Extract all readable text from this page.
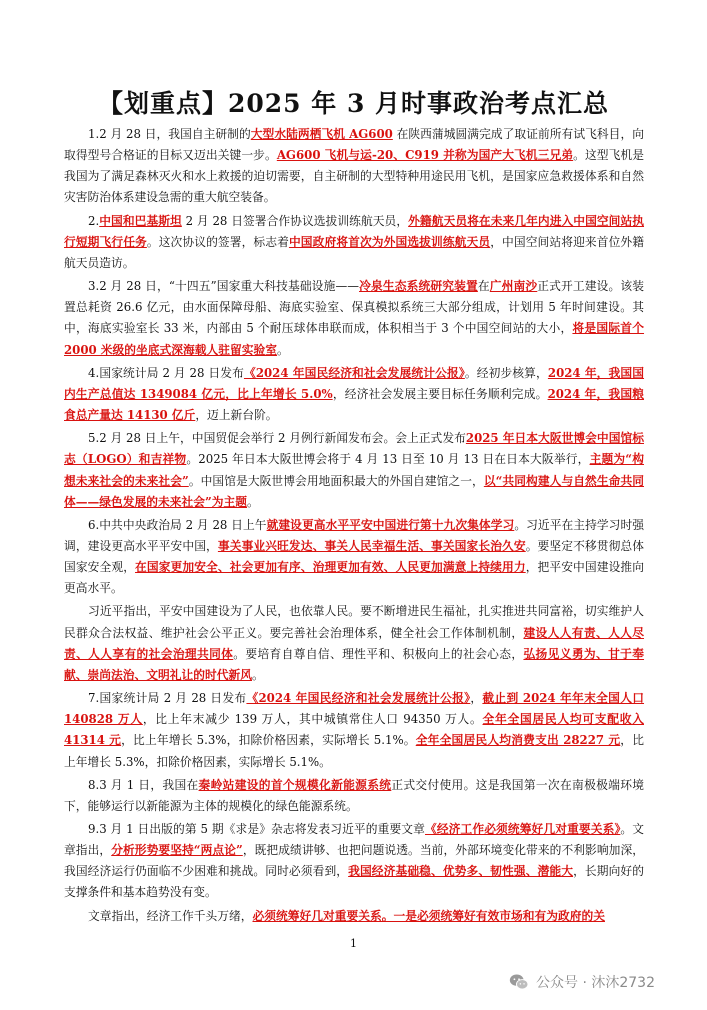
【划重点】2025 年 3 月时事政治考点汇总

1.2 月 28 日，我国自主研制的大型水陆两栖飞机 AG600 在陕西蒲城圆满完成了取证前所有试飞科目，向取得型号合格证的目标又迈出关键一步。AG600 飞机与运-20、C919 并称为国产大飞机三兄弟。这型飞机是我国为了满足森林灭火和水上救援的迫切需要，自主研制的大型特种用途民用飞机，是国家应急救援体系和自然灾害防治体系建设急需的重大航空装备。

2.中国和巴基斯坦 2 月 28 日签署合作协议选拔训练航天员，外籍航天员将在未来几年内进入中国空间站执行短期飞行任务。这次协议的签署，标志着中国政府将首次为外国选拔训练航天员，中国空间站将迎来首位外籍航天员造访。

3.2 月 28 日，“十四五”国家重大科技基础设施——冷泉生态系统研究装置在广州南沙正式开工建设。该装置总耗资 26.6 亿元，由水面保障母船、海底实验室、保真模拟系统三大部分组成，计划用 5 年时间建设。其中，海底实验室长 33 米，内部由 5 个耐压球体串联而成，体积相当于 3 个中国空间站的大小，将是国际首个 2000 米级的坐底式深海载人驻留实验室。

4.国家统计局 2 月 28 日发布《2024 年国民经济和社会发展统计公报》。经初步核算，2024 年，我国国内生产总值达 1349084 亿元，比上年增长 5.0%，经济社会发展主要目标任务顺利完成。2024 年，我国粮食总产量达 14130 亿斤，迈上新台阶。

5.2 月 28 日上午，中国贸促会举行 2 月例行新闻发布会。会上正式发布2025 年日本大阪世博会中国馆标志（LOGO）和吉祥物。2025 年日本大阪世博会将于 4 月 13 日至 10 月 13 日在日本大阪举行，主题为“构想未来社会的未来社会”。中国馆是大阪世博会用地面积最大的外国自建馆之一，以“共同构建人与自然生命共同体——绿色发展的未来社会”为主题。

6.中共中央政治局 2 月 28 日上午就建设更高水平平安中国进行第十九次集体学习。习近平在主持学习时强调，建设更高水平平安中国，事关事业兴旺发达、事关人民幸福生活、事关国家长治久安。要坚定不移贯彻总体国家安全观，在国家更加安全、社会更加有序、治理更加有效、人民更加满意上持续用力，把平安中国建设推向更高水平。

习近平指出，平安中国建设为了人民，也依靠人民。要不断增进民生福祉，扎实推进共同富裕，切实维护人民群众合法权益、维护社会公平正义。要完善社会治理体系，健全社会工作体制机制，建设人人有责、人人尽责、人人享有的社会治理共同体。要培育自尊自信、理性平和、积极向上的社会心态，弘扬见义勇为、甘于奉献、崇尚法治、文明礼让的时代新风。

7.国家统计局 2 月 28 日发布《2024 年国民经济和社会发展统计公报》，截止到 2024 年年末全国人口 140828 万人，比上年末减少 139 万人，其中城镇常住人口 94350 万人。全年全国居民人均可支配收入 41314 元，比上年增长 5.3%，扣除价格因素，实际增长 5.1%。全年全国居民人均消费支出 28227 元，比上年增长 5.3%，扣除价格因素，实际增长 5.1%。

8.3 月 1 日，我国在秦岭站建设的首个规模化新能源系统正式交付使用。这是我国第一次在南极极端环境下，能够运行以新能源为主体的规模化的绿色能源系统。

9.3 月 1 日出版的第 5 期《求是》杂志将发表习近平的重要文章《经济工作必须统筹好几对重要关系》。文章指出，分析形势要坚持“两点论”，既把成绩讲够、也把问题说透。当前，外部环境变化带来的不利影响加深，我国经济运行仍面临不少困难和挑战。同时必须看到，我国经济基础稳、优势多、韧性强、潜能大，长期向好的支撑条件和基本趋势没有变。

文章指出，经济工作千头万绪，必须统筹好几对重要关系。一是必须统筹好有效市场和有为政府的关

1
公众号 · 沐沐2732
